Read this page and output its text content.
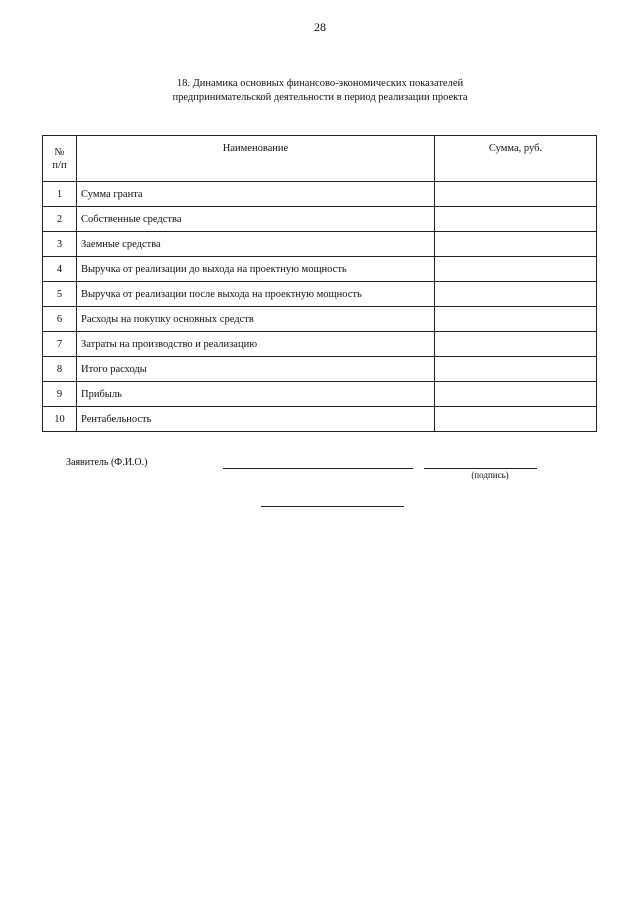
28
18. Динамика основных финансово-экономических показателей
предпринимательской деятельности в период реализации проекта
№
п/п	Наименование	Сумма, руб.
1	Сумма гранта	
2	Собственные средства	
3	Заемные средства	
4	Выручка от реализации до выхода на проектную мощность	
5	Выручка от реализации после выхода на проектную мощность	
6	Расходы на покупку основных средств	
7	Затраты на производство и реализацию	
8	Итого расходы	
9	Прибыль	
10	Рентабельность	
Заявитель (Ф.И.О.)
(подпись)
